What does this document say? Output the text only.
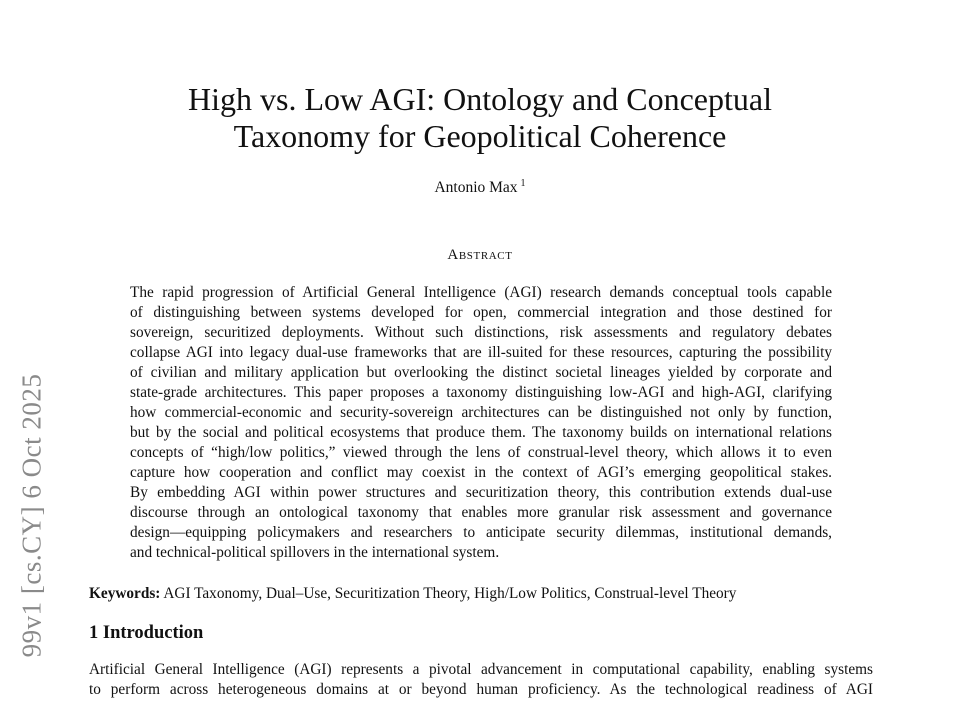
99v1 [cs.CY] 6 Oct 2025
High vs. Low AGI: Ontology and Conceptual
Taxonomy for Geopolitical Coherence
Antonio Max $^1$
Abstract

The rapid progression of Artificial General Intelligence (AGI) research demands conceptual tools capable
of distinguishing between systems developed for open, commercial integration and those destined for
sovereign, securitized deployments. Without such distinctions, risk assessments and regulatory debates
collapse AGI into legacy dual-use frameworks that are ill-suited for these resources, capturing the possibility
of civilian and military application but overlooking the distinct societal lineages yielded by corporate and
state-grade architectures. This paper proposes a taxonomy distinguishing low-AGI and high-AGI, clarifying
how commercial-economic and security-sovereign architectures can be distinguished not only by function,
but by the social and political ecosystems that produce them. The taxonomy builds on international relations
concepts of “high/low politics,” viewed through the lens of construal-level theory, which allows it to even
capture how cooperation and conflict may coexist in the context of AGI’s emerging geopolitical stakes.
By embedding AGI within power structures and securitization theory, this contribution extends dual-use
discourse through an ontological taxonomy that enables more granular risk assessment and governance
design—equipping policymakers and researchers to anticipate security dilemmas, institutional demands,
and technical-political spillovers in the international system.

Keywords: AGI Taxonomy, Dual–Use, Securitization Theory, High/Low Politics, Construal-level Theory
1 Introduction

Artificial General Intelligence (AGI) represents a pivotal advancement in computational capability, enabling systems
to perform across heterogeneous domains at or beyond human proficiency. As the technological readiness of AGI
